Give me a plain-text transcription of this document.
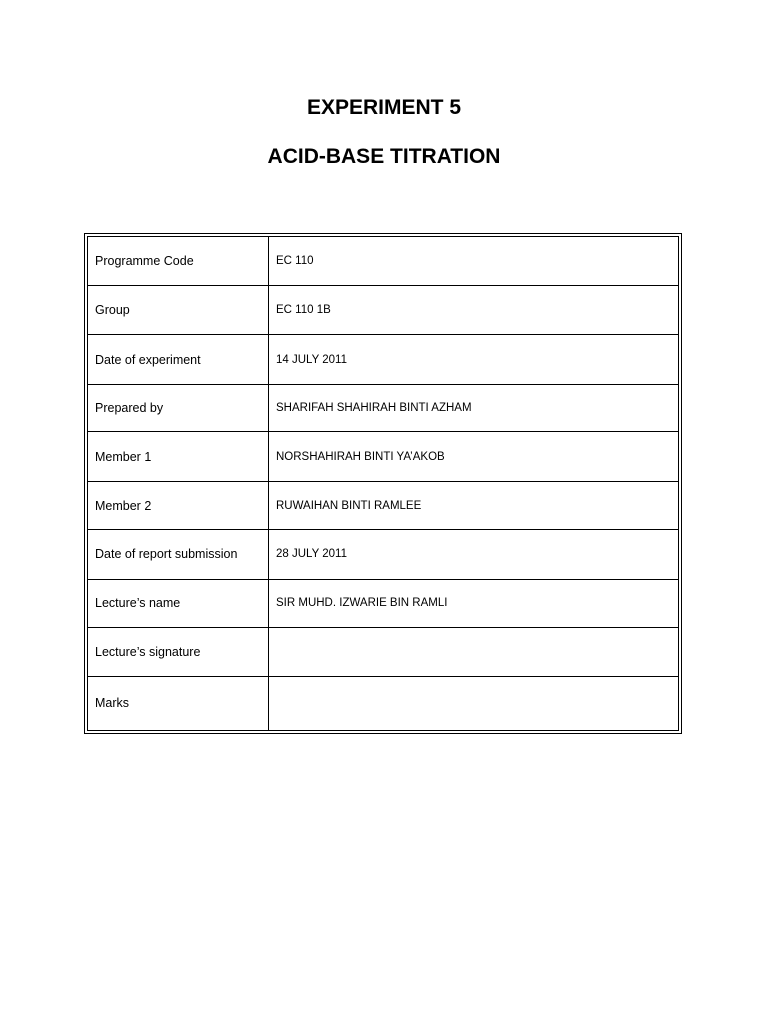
EXPERIMENT 5
ACID-BASE TITRATION
Programme Code	EC 110
Group	EC 110 1B
Date of experiment	14 JULY 2011
Prepared by	SHARIFAH SHAHIRAH BINTI AZHAM
Member 1	NORSHAHIRAH BINTI YA’AKOB
Member 2	RUWAIHAN BINTI RAMLEE
Date of report submission	28 JULY 2011
Lecture’s name	SIR MUHD. IZWARIE BIN RAMLI
Lecture’s signature	
Marks	
